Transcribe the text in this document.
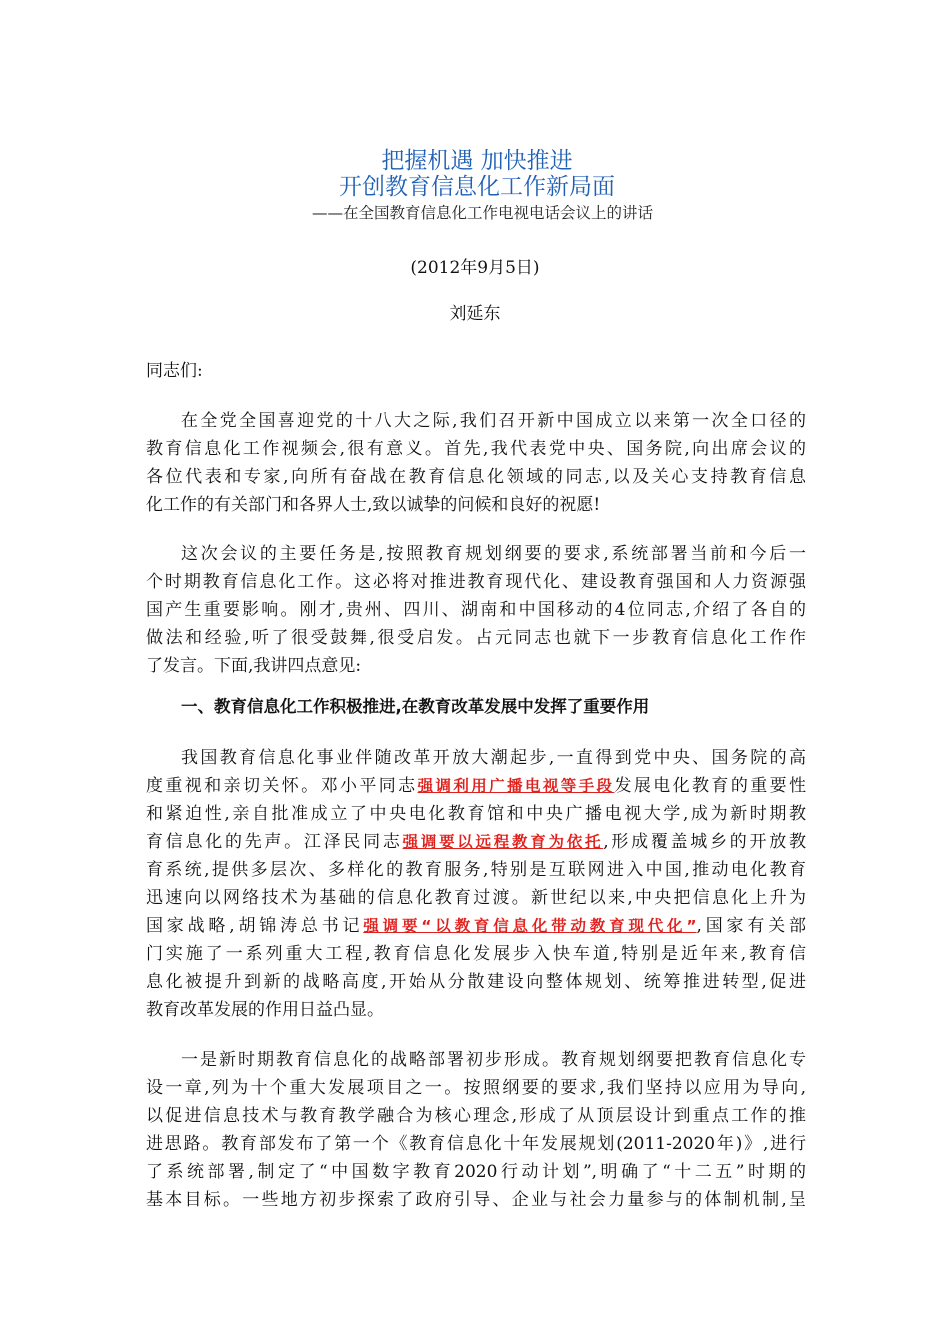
把握机遇 加快推进
开创教育信息化工作新局面
——在全国教育信息化工作电视电话会议上的讲话
(2012年9月5日)
刘延东
同志们:
在全党全国喜迎党的十八大之际,我们召开新中国成立以来第一次全口径的
教育信息化工作视频会,很有意义。首先,我代表党中央、国务院,向出席会议的
各位代表和专家,向所有奋战在教育信息化领域的同志,以及关心支持教育信息
化工作的有关部门和各界人士,致以诚挚的问候和良好的祝愿!
这次会议的主要任务是,按照教育规划纲要的要求,系统部署当前和今后一
个时期教育信息化工作。这必将对推进教育现代化、建设教育强国和人力资源强
国产生重要影响。刚才,贵州、四川、湖南和中国移动的4位同志,介绍了各自的
做法和经验,听了很受鼓舞,很受启发。占元同志也就下一步教育信息化工作作
了发言。下面,我讲四点意见:
一、教育信息化工作积极推进,在教育改革发展中发挥了重要作用
我国教育信息化事业伴随改革开放大潮起步,一直得到党中央、国务院的高
度重视和亲切关怀。邓小平同志强调利用广播电视等手段发展电化教育的重要性
和紧迫性,亲自批准成立了中央电化教育馆和中央广播电视大学,成为新时期教
育信息化的先声。江泽民同志强调要以远程教育为依托,形成覆盖城乡的开放教
育系统,提供多层次、多样化的教育服务,特别是互联网进入中国,推动电化教育
迅速向以网络技术为基础的信息化教育过渡。新世纪以来,中央把信息化上升为
国家战略,胡锦涛总书记强调要“以教育信息化带动教育现代化”,国家有关部
门实施了一系列重大工程,教育信息化发展步入快车道,特别是近年来,教育信
息化被提升到新的战略高度,开始从分散建设向整体规划、统筹推进转型,促进
教育改革发展的作用日益凸显。
一是新时期教育信息化的战略部署初步形成。教育规划纲要把教育信息化专
设一章,列为十个重大发展项目之一。按照纲要的要求,我们坚持以应用为导向,
以促进信息技术与教育教学融合为核心理念,形成了从顶层设计到重点工作的推
进思路。教育部发布了第一个《教育信息化十年发展规划(2011-2020年)》,进行
了系统部署,制定了“中国数字教育2020行动计划”,明确了“十二五”时期的
基本目标。一些地方初步探索了政府引导、企业与社会力量参与的体制机制,呈
